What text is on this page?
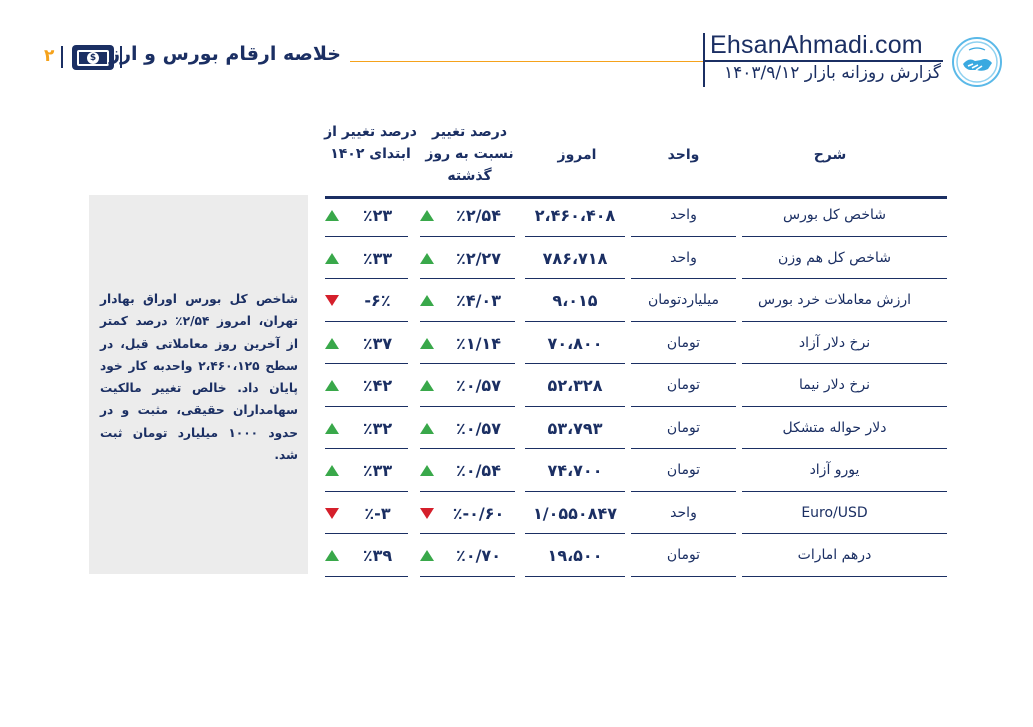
۲	$ خلاصه ارقام بورس و ارز	EhsanAhmadi.com
گزارش روزانه بازار ۱۴۰۳/۹/۱۲
شاخص کل بورس اوراق بهادار تهران، امروز ۲/۵۴٪ درصد کمتر از آخرین روز معاملاتی قبل، در سطح ۲،۴۶۰،۱۲۵ واحدبه کار خود پایان داد. خالص تغییر مالکیت سهامداران حقیقی، مثبت و در حدود ۱۰۰۰ میلیارد تومان ثبت شد.
شرح
واحد
امروز
درصد تغییر نسبت به روز گذشته
درصد تغییر از ابتدای ۱۴۰۲
شاخص کل بورس
واحد
۲،۴۶۰،۴۰۸
٪۲/۵۴
٪۲۳
شاخص کل هم وزن
واحد
۷۸۶،۷۱۸
٪۲/۲۷
٪۳۳
ارزش معاملات خرد بورس
میلیاردتومان
۹،۰۱۵
٪۴/۰۳
-۶٪
نرخ دلار آزاد
تومان
۷۰،۸۰۰
٪۱/۱۴
٪۳۷
نرخ دلار نیما
تومان
۵۲،۳۲۸
٪۰/۵۷
٪۴۲
دلار حواله متشکل
تومان
۵۳،۷۹۳
٪۰/۵۷
٪۳۲
یورو آزاد
تومان
۷۴،۷۰۰
٪۰/۵۴
٪۳۳
Euro/USD
واحد
۱/۰۵۵۰۸۴۷
٪-۰/۶۰
٪-۳
درهم امارات
تومان
۱۹،۵۰۰
٪۰/۷۰
٪۳۹
